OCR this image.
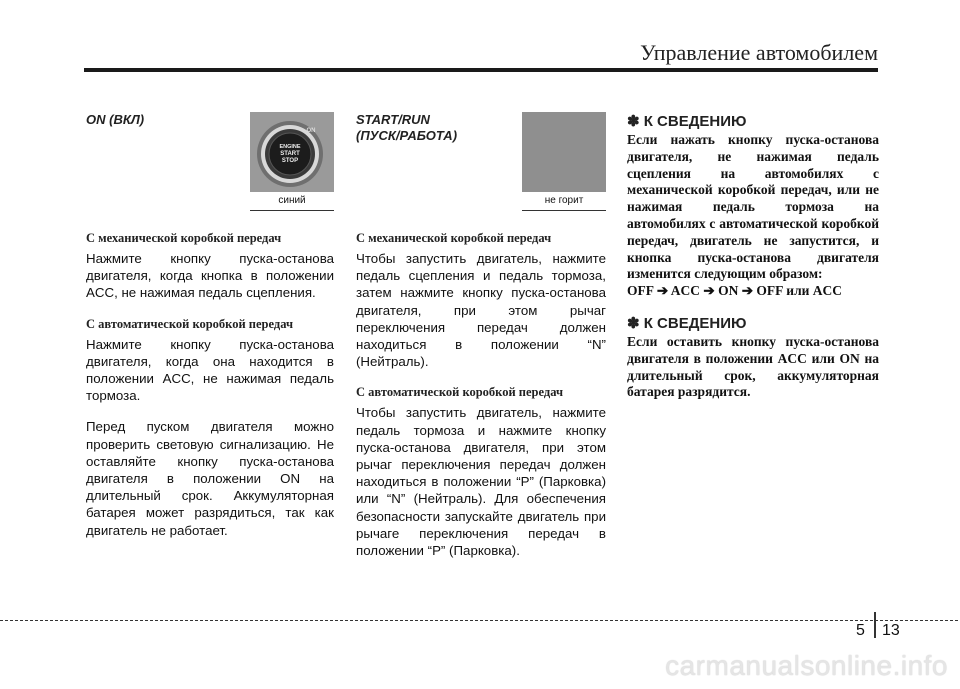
Управление автомобилем
ON (ВКЛ)
ENGINE
START
STOP
ON
синий
С механической коробкой передач
Нажмите кнопку пуска-останова двигателя, когда кнопка в положении ACC, не нажимая педаль сцепления.
С автоматической коробкой передач
Нажмите кнопку пуска-останова двигателя, когда она находится в положении ACC, не нажимая педаль тормоза.
Перед пуском двигателя можно проверить световую сигнализацию. Не оставляйте кнопку пуска-останова двигателя в положении ON на длительный срок. Аккумуляторная батарея может разрядиться, так как двигатель не работает.
START/RUN
(ПУСК/РАБОТА)
не горит
С механической коробкой передач
Чтобы запустить двигатель, нажмите педаль сцепления и педаль тормоза, затем нажмите кнопку пуска-останова двигателя, при этом рычаг переключения передач должен находиться в положении “N” (Нейтраль).
С автоматической коробкой передач
Чтобы запустить двигатель, нажмите педаль тормоза и нажмите кнопку пуска-останова двигателя, при этом рычаг переключения передач должен находиться в положении “P” (Парковка) или “N” (Нейтраль). Для обеспечения безопасности запускайте двигатель при рычаге переключения передач в положении “P” (Парковка).
✽ К СВЕДЕНИЮ
Если нажать кнопку пуска-останова двигателя, не нажимая педаль сцепления на автомобилях с механической коробкой передач, или не нажимая педаль тормоза на автомобилях с автоматической коробкой передач, двигатель не запустится, и кнопка пуска-останова двигателя изменится следующим образом:
OFF ➔ ACC ➔ ON ➔ OFF или ACC
✽ К СВЕДЕНИЮ
Если оставить кнопку пуска-останова двигателя в положении ACC или ON на длительный срок, аккумуляторная батарея разрядится.
5 13
carmanualsonline.info
